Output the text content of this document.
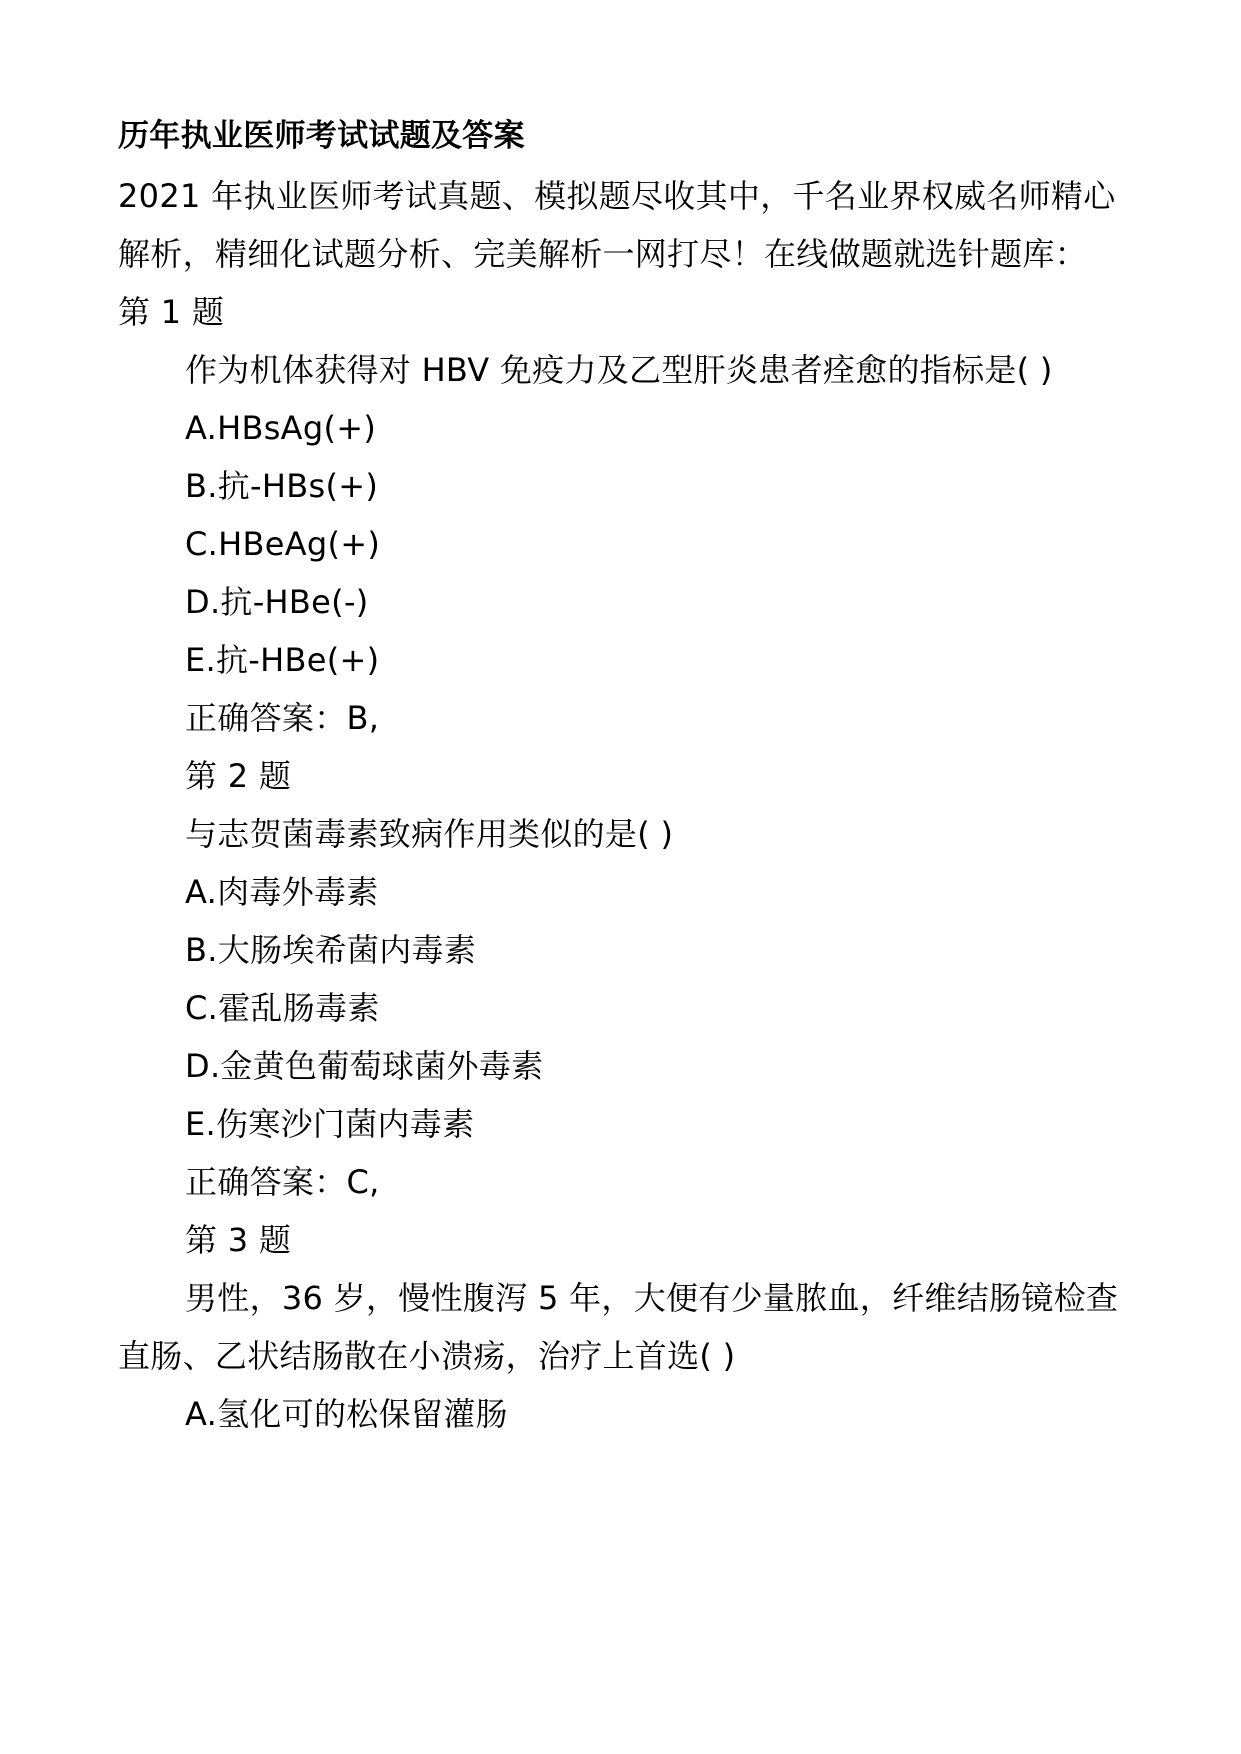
历年执业医师考试试题及答案

2021 年执业医师考试真题、模拟题尽收其中，千名业界权威名师精心

解析，精细化试题分析、完美解析一网打尽！在线做题就选针题库：

第 1 题

作为机体获得对 HBV 免疫力及乙型肝炎患者痊愈的指标是( )

A.HBsAg(+)

B.抗-HBs(+)

C.HBeAg(+)

D.抗-HBe(-)

E.抗-HBe(+)

正确答案：B,

第 2 题

与志贺菌毒素致病作用类似的是( )

A.肉毒外毒素

B.大肠埃希菌内毒素

C.霍乱肠毒素

D.金黄色葡萄球菌外毒素

E.伤寒沙门菌内毒素

正确答案：C,

第 3 题

男性，36 岁，慢性腹泻 5 年，大便有少量脓血，纤维结肠镜检查

直肠、乙状结肠散在小溃疡，治疗上首选( )

A.氢化可的松保留灌肠
